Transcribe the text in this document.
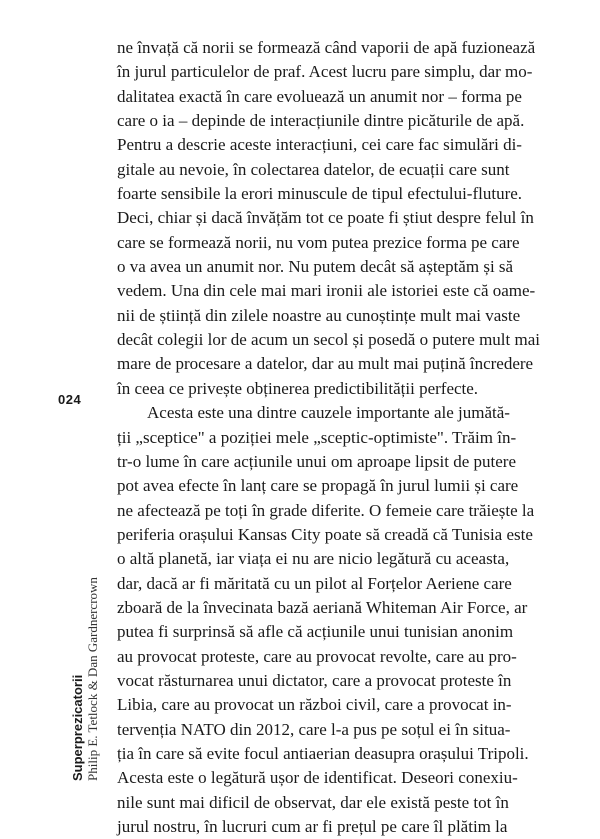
ne învață că norii se formează când vaporii de apă fuzionează
în jurul particulelor de praf. Acest lucru pare simplu, dar mo-
dalitatea exactă în care evoluează un anumit nor – forma pe
care o ia – depinde de interacțiunile dintre picăturile de apă.
Pentru a descrie aceste interacțiuni, cei care fac simulări di-
gitale au nevoie, în colectarea datelor, de ecuații care sunt
foarte sensibile la erori minuscule de tipul efectului-fluture.
Deci, chiar și dacă învățăm tot ce poate fi știut despre felul în
care se formează norii, nu vom putea prezice forma pe care
o va avea un anumit nor. Nu putem decât să așteptăm și să
vedem. Una din cele mai mari ironii ale istoriei este că oame-
nii de știință din zilele noastre au cunoștințe mult mai vaste
decât colegii lor de acum un secol și posedă o putere mult mai
mare de procesare a datelor, dar au mult mai puțină încredere
în ceea ce privește obținerea predictibilității perfecte.
Acesta este una dintre cauzele importante ale jumătă-
ții „sceptice" a poziției mele „sceptic-optimiste". Trăim în-
tr-o lume în care acțiunile unui om aproape lipsit de putere
pot avea efecte în lanț care se propagă în jurul lumii și care
ne afectează pe toți în grade diferite. O femeie care trăiește la
periferia orașului Kansas City poate să creadă că Tunisia este
o altă planetă, iar viața ei nu are nicio legătură cu aceasta,
dar, dacă ar fi măritată cu un pilot al Forțelor Aeriene care
zboară de la învecinata bază aeriană Whiteman Air Force, ar
putea fi surprinsă să afle că acțiunile unui tunisian anonim
au provocat proteste, care au provocat revolte, care au pro-
vocat răsturnarea unui dictator, care a provocat proteste în
Libia, care au provocat un război civil, care a provocat in-
tervenția NATO din 2012, care l-a pus pe soțul ei în situa-
ția în care să evite focul antiaerian deasupra orașului Tripoli.
Acesta este o legătură ușor de identificat. Deseori conexiu-
nile sunt mai dificil de observat, dar ele există peste tot în
jurul nostru, în lucruri cum ar fi prețul pe care îl plătim la
024
Superprezicatorii Philip E. Tetlock & Dan Gardnercrown
